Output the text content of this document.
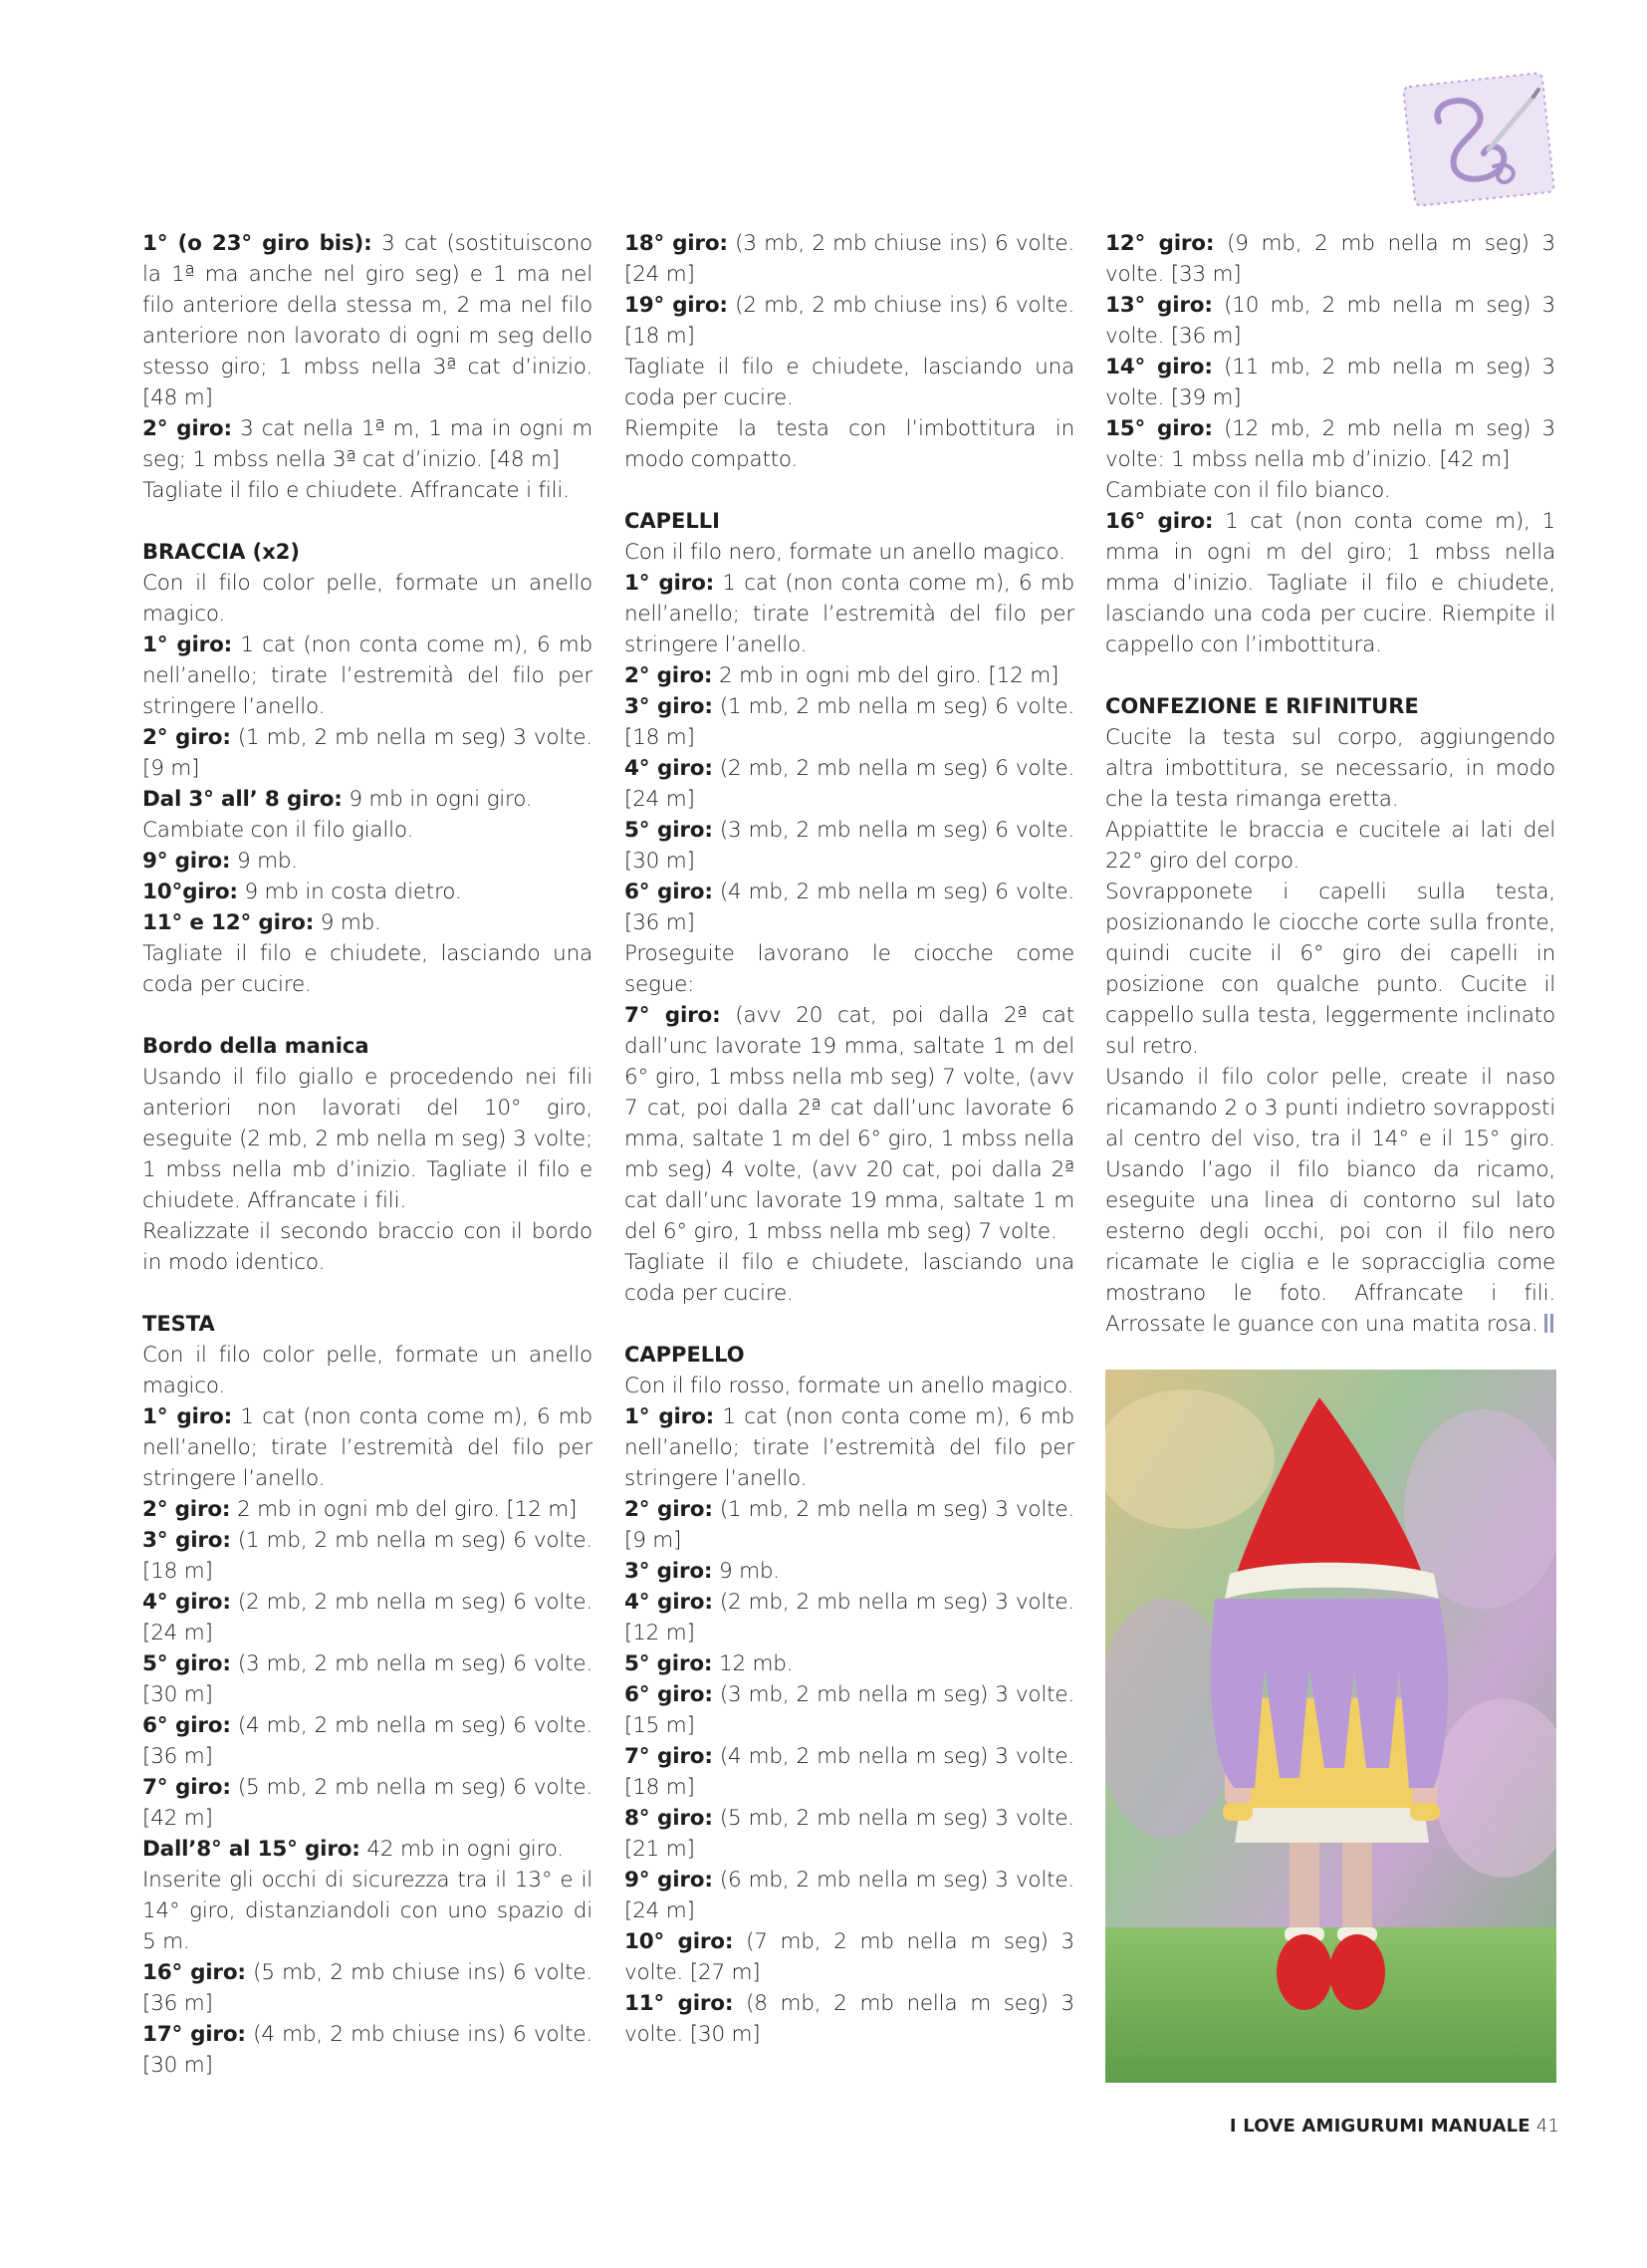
1° (o 23° giro bis): 3 cat (sostituiscono la 1ª ma anche nel giro seg) e 1 ma nel filo anteriore della stessa m, 2 ma nel filo anteriore non lavorato di ogni m seg dello stesso giro; 1 mbss nella 3ª cat d’inizio. [48 m]

2° giro: 3 cat nella 1ª m, 1 ma in ogni m seg; 1 mbss nella 3ª cat d’inizio. [48 m]

Tagliate il filo e chiudete. Affrancate i fili.

BRACCIA (x2)

Con il filo color pelle, formate un anello magico.

1° giro: 1 cat (non conta come m), 6 mb nell’anello; tirate l’estremità del filo per stringere l’anello.

2° giro: (1 mb, 2 mb nella m seg) 3 volte. [9 m]

Dal 3° all’ 8 giro: 9 mb in ogni giro.

Cambiate con il filo giallo.

9° giro: 9 mb.

10°giro: 9 mb in costa dietro.

11° e 12° giro: 9 mb.

Tagliate il filo e chiudete, lasciando una coda per cucire.

Bordo della manica

Usando il filo giallo e procedendo nei fili anteriori non lavorati del 10° giro, eseguite (2 mb, 2 mb nella m seg) 3 volte; 1 mbss nella mb d’inizio. Tagliate il filo e chiudete. Affrancate i fili.

Realizzate il secondo braccio con il bordo in modo identico.

TESTA

Con il filo color pelle, formate un anello magico.

1° giro: 1 cat (non conta come m), 6 mb nell’anello; tirate l’estremità del filo per stringere l’anello.

2° giro: 2 mb in ogni mb del giro. [12 m]

3° giro: (1 mb, 2 mb nella m seg) 6 volte. [18 m]

4° giro: (2 mb, 2 mb nella m seg) 6 volte. [24 m]

5° giro: (3 mb, 2 mb nella m seg) 6 volte. [30 m]

6° giro: (4 mb, 2 mb nella m seg) 6 volte. [36 m]

7° giro: (5 mb, 2 mb nella m seg) 6 volte. [42 m]

Dall’8° al 15° giro: 42 mb in ogni giro.

Inserite gli occhi di sicurezza tra il 13° e il 14° giro, distanziandoli con uno spazio di 5 m.

16° giro: (5 mb, 2 mb chiuse ins) 6 volte. [36 m]

17° giro: (4 mb, 2 mb chiuse ins) 6 volte. [30 m]

18° giro: (3 mb, 2 mb chiuse ins) 6 volte. [24 m]

19° giro: (2 mb, 2 mb chiuse ins) 6 volte. [18 m]

Tagliate il filo e chiudete, lasciando una coda per cucire.

Riempite la testa con l’imbottitura in modo compatto.

CAPELLI

Con il filo nero, formate un anello magico.

1° giro: 1 cat (non conta come m), 6 mb nell’anello; tirate l’estremità del filo per stringere l’anello.

2° giro: 2 mb in ogni mb del giro. [12 m]

3° giro: (1 mb, 2 mb nella m seg) 6 volte. [18 m]

4° giro: (2 mb, 2 mb nella m seg) 6 volte. [24 m]

5° giro: (3 mb, 2 mb nella m seg) 6 volte. [30 m]

6° giro: (4 mb, 2 mb nella m seg) 6 volte. [36 m]

Proseguite lavorano le ciocche come segue:

7° giro: (avv 20 cat, poi dalla 2ª cat dall’unc lavorate 19 mma, saltate 1 m del 6° giro, 1 mbss nella mb seg) 7 volte, (avv 7 cat, poi dalla 2ª cat dall’unc lavorate 6 mma, saltate 1 m del 6° giro, 1 mbss nella mb seg) 4 volte, (avv 20 cat, poi dalla 2ª cat dall’unc lavorate 19 mma, saltate 1 m del 6° giro, 1 mbss nella mb seg) 7 volte.

Tagliate il filo e chiudete, lasciando una coda per cucire.

CAPPELLO

Con il filo rosso, formate un anello magico.

1° giro: 1 cat (non conta come m), 6 mb nell’anello; tirate l’estremità del filo per stringere l’anello.

2° giro: (1 mb, 2 mb nella m seg) 3 volte. [9 m]

3° giro: 9 mb.

4° giro: (2 mb, 2 mb nella m seg) 3 volte. [12 m]

5° giro: 12 mb.

6° giro: (3 mb, 2 mb nella m seg) 3 volte. [15 m]

7° giro: (4 mb, 2 mb nella m seg) 3 volte. [18 m]

8° giro: (5 mb, 2 mb nella m seg) 3 volte. [21 m]

9° giro: (6 mb, 2 mb nella m seg) 3 volte. [24 m]

10° giro: (7 mb, 2 mb nella m seg) 3 volte. [27 m]

11° giro: (8 mb, 2 mb nella m seg) 3 volte. [30 m]

12° giro: (9 mb, 2 mb nella m seg) 3 volte. [33 m]

13° giro: (10 mb, 2 mb nella m seg) 3 volte. [36 m]

14° giro: (11 mb, 2 mb nella m seg) 3 volte. [39 m]

15° giro: (12 mb, 2 mb nella m seg) 3 volte: 1 mbss nella mb d’inizio. [42 m]

Cambiate con il filo bianco.

16° giro: 1 cat (non conta come m), 1 mma in ogni m del giro; 1 mbss nella mma d’inizio. Tagliate il filo e chiudete, lasciando una coda per cucire. Riempite il cappello con l’imbottitura.

CONFEZIONE E RIFINITURE

Cucite la testa sul corpo, aggiungendo altra imbottitura, se necessario, in modo che la testa rimanga eretta.

Appiattite le braccia e cucitele ai lati del 22° giro del corpo.

Sovrapponete i capelli sulla testa, posizionando le ciocche corte sulla fronte, quindi cucite il 6° giro dei capelli in posizione con qualche punto. Cucite il cappello sulla testa, leggermente inclinato sul retro.

Usando il filo color pelle, create il naso ricamando 2 o 3 punti indietro sovrapposti al centro del viso, tra il 14° e il 15° giro. Usando l’ago il filo bianco da ricamo, eseguite una linea di contorno sul lato esterno degli occhi, poi con il filo nero ricamate le ciglia e le sopracciglia come mostrano le foto. Affrancate i fili. Arrossate le guance con una matita rosa.

I LOVE AMIGURUMI MANUALE 41
